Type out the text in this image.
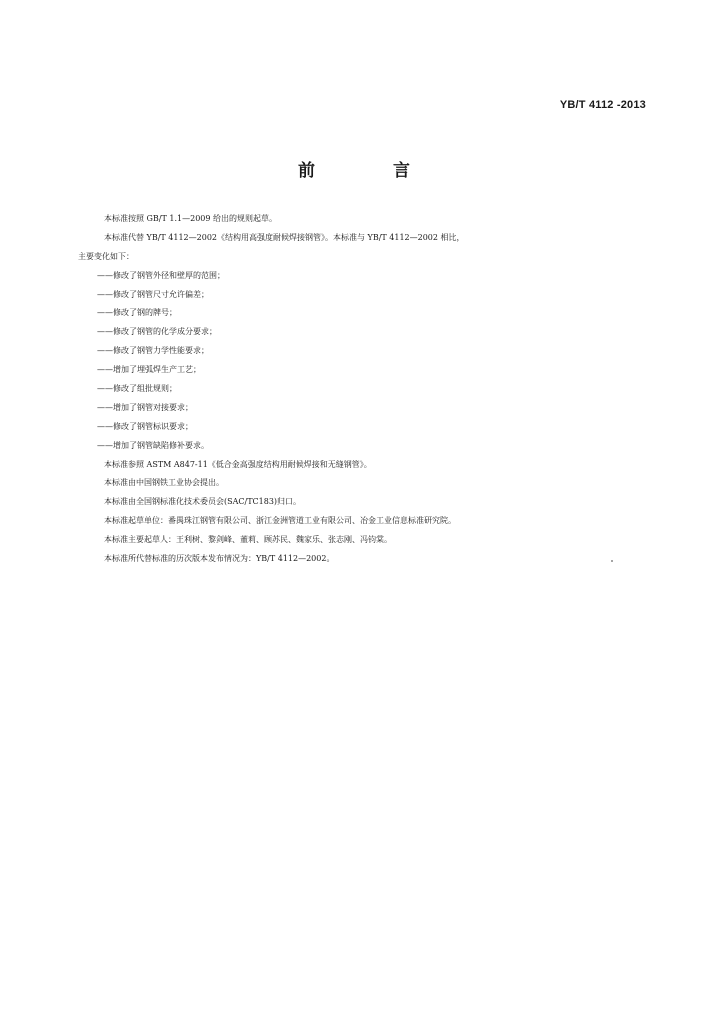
YB/T 4112 -2013
前 言
本标准按照 GB/T 1.1—2009 给出的规则起草。
本标准代替 YB/T 4112—2002《结构用高强度耐候焊接钢管》。本标准与 YB/T 4112—2002 相比，
主要变化如下：
——修改了钢管外径和壁厚的范围；
——修改了钢管尺寸允许偏差；
——修改了钢的牌号；
——修改了钢管的化学成分要求；
——修改了钢管力学性能要求；
——增加了埋弧焊生产工艺；
——修改了组批规则；
——增加了钢管对接要求；
——修改了钢管标识要求；
——增加了钢管缺陷修补要求。
本标准参照 ASTM A847-11《低合金高强度结构用耐候焊接和无缝钢管》。
本标准由中国钢铁工业协会提出。
本标准由全国钢标准化技术委员会(SAC/TC183)归口。
本标准起草单位：番禺珠江钢管有限公司、浙江金洲管道工业有限公司、冶金工业信息标准研究院。
本标准主要起草人：王利树、黎剑峰、董莉、顾苏民、魏家乐、张志刚、冯钧棠。
本标准所代替标准的历次版本发布情况为：YB/T 4112—2002。
